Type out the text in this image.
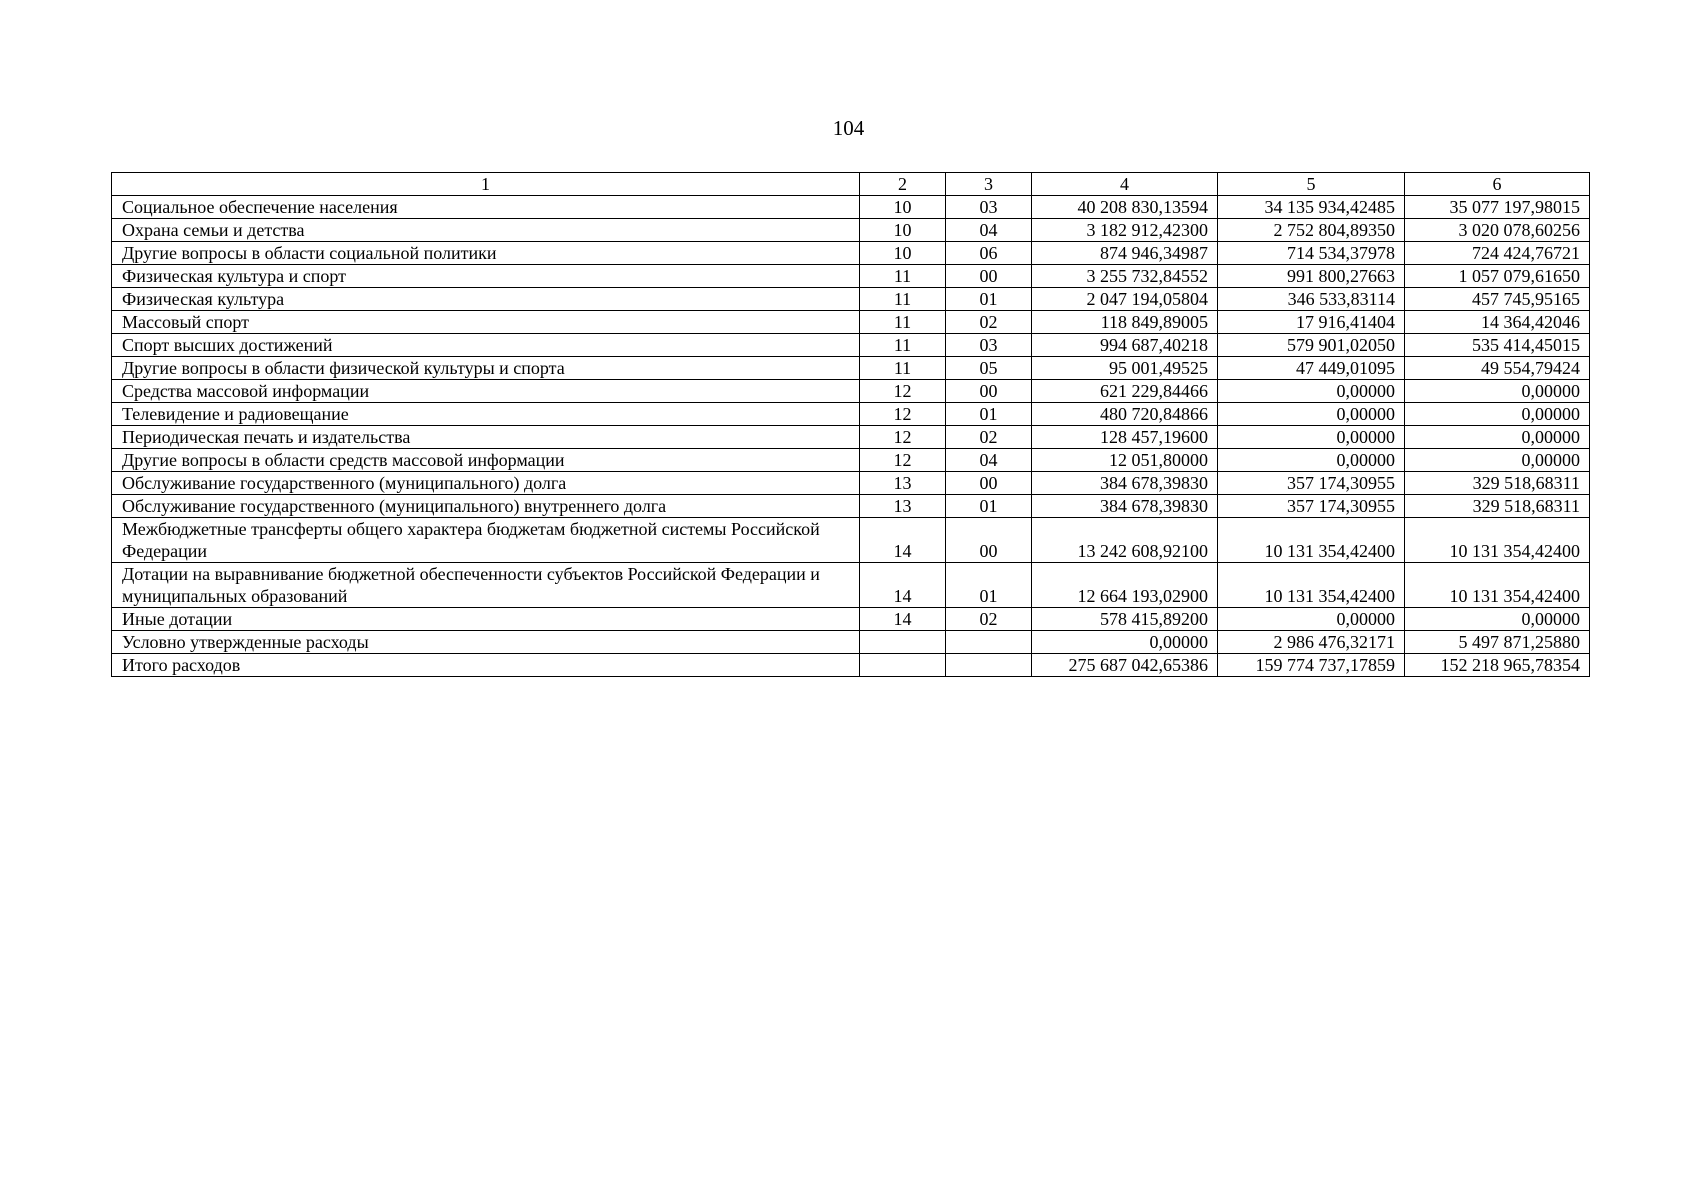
104
1	2	3	4	5	6
Социальное обеспечение населения	10	03	40 208 830,13594	34 135 934,42485	35 077 197,98015
Охрана семьи и детства	10	04	3 182 912,42300	2 752 804,89350	3 020 078,60256
Другие вопросы в области социальной политики	10	06	874 946,34987	714 534,37978	724 424,76721
Физическая культура и спорт	11	00	3 255 732,84552	991 800,27663	1 057 079,61650
Физическая культура	11	01	2 047 194,05804	346 533,83114	457 745,95165
Массовый спорт	11	02	118 849,89005	17 916,41404	14 364,42046
Спорт высших достижений	11	03	994 687,40218	579 901,02050	535 414,45015
Другие вопросы в области физической культуры и спорта	11	05	95 001,49525	47 449,01095	49 554,79424
Средства массовой информации	12	00	621 229,84466	0,00000	0,00000
Телевидение и радиовещание	12	01	480 720,84866	0,00000	0,00000
Периодическая печать и издательства	12	02	128 457,19600	0,00000	0,00000
Другие вопросы в области средств массовой информации	12	04	12 051,80000	0,00000	0,00000
Обслуживание государственного (муниципального) долга	13	00	384 678,39830	357 174,30955	329 518,68311
Обслуживание государственного (муниципального) внутреннего долга	13	01	384 678,39830	357 174,30955	329 518,68311
Межбюджетные трансферты общего характера бюджетам бюджетной системы Российской Федерации	14	00	13 242 608,92100	10 131 354,42400	10 131 354,42400
Дотации на выравнивание бюджетной обеспеченности субъектов Российской Федерации и муниципальных образований	14	01	12 664 193,02900	10 131 354,42400	10 131 354,42400
Иные дотации	14	02	578 415,89200	0,00000	0,00000
Условно утвержденные расходы			0,00000	2 986 476,32171	5 497 871,25880
Итого расходов			275 687 042,65386	159 774 737,17859	152 218 965,78354
